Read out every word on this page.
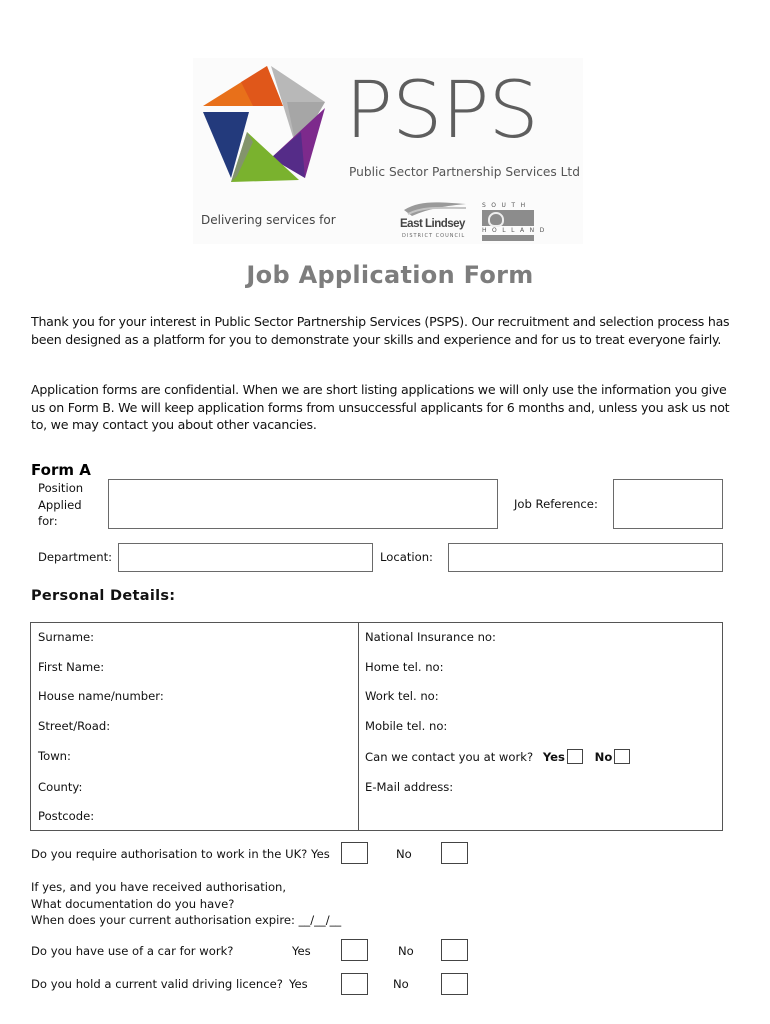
PSPS
Public Sector Partnership Services Ltd
Delivering services for	East Lindsey
DISTRICT COUNCIL
SOUTH
HOLLAND
Job Application Form
Thank you for your interest in Public Sector Partnership Services (PSPS). Our recruitment and selection process has been designed as a platform for you to demonstrate your skills and experience and for us to treat everyone fairly.
Application forms are confidential. When we are short listing applications we will only use the information you give us on Form B. We will keep application forms from unsuccessful applicants for 6 months and, unless you ask us not to, we may contact you about other vacancies.
Form A
Position
Applied
for:
Job Reference:
Department:	Location:
Personal Details:
Surname:
First Name:
House name/number:
Street/Road:
Town:
County:
Postcode:
National Insurance no:
Home tel. no:
Work tel. no:
Mobile tel. no:
Can we contact you at work? Yes	No
E-Mail address:
Do you require authorisation to work in the UK? Yes	No
If yes, and you have received authorisation,
What documentation do you have?
When does your current authorisation expire: __/__/__
Do you have use of a car for work?	Yes	No
Do you hold a current valid driving licence? Yes	No
